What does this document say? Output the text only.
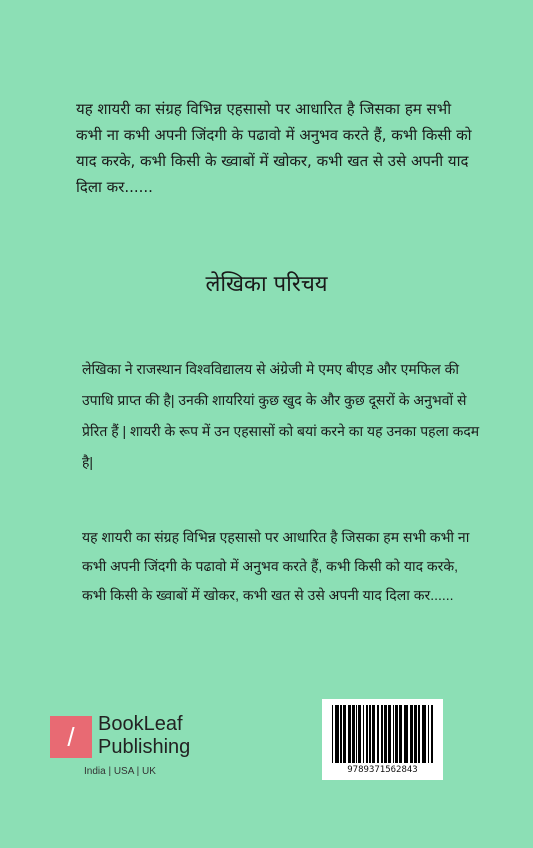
यह शायरी का संग्रह विभिन्न एहसासो पर आधारित है जिसका हम सभी कभी ना कभी अपनी जिंदगी के पढावो में अनुभव करते हैं, कभी किसी को याद करके, कभी किसी के ख्वाबों में खोकर, कभी खत से उसे अपनी याद दिला कर......

लेखिका परिचय

लेखिका ने राजस्थान विश्वविद्यालय से अंग्रेजी मे एमए बीएड और एमफिल की उपाधि प्राप्त की है| उनकी शायरियां कुछ खुद के और कुछ दूसरों के अनुभवों से प्रेरित हैं | शायरी के रूप में उन एहसासों को बयां करने का यह उनका पहला कदम है|

यह शायरी का संग्रह विभिन्न एहसासो पर आधारित है जिसका हम सभी कभी ना कभी अपनी जिंदगी के पढावो में अनुभव करते हैं, कभी किसी को याद करके, कभी किसी के ख्वाबों में खोकर, कभी खत से उसे अपनी याद दिला कर......

/ BookLeaf
Publishing
India | USA | UK	9789371562843
